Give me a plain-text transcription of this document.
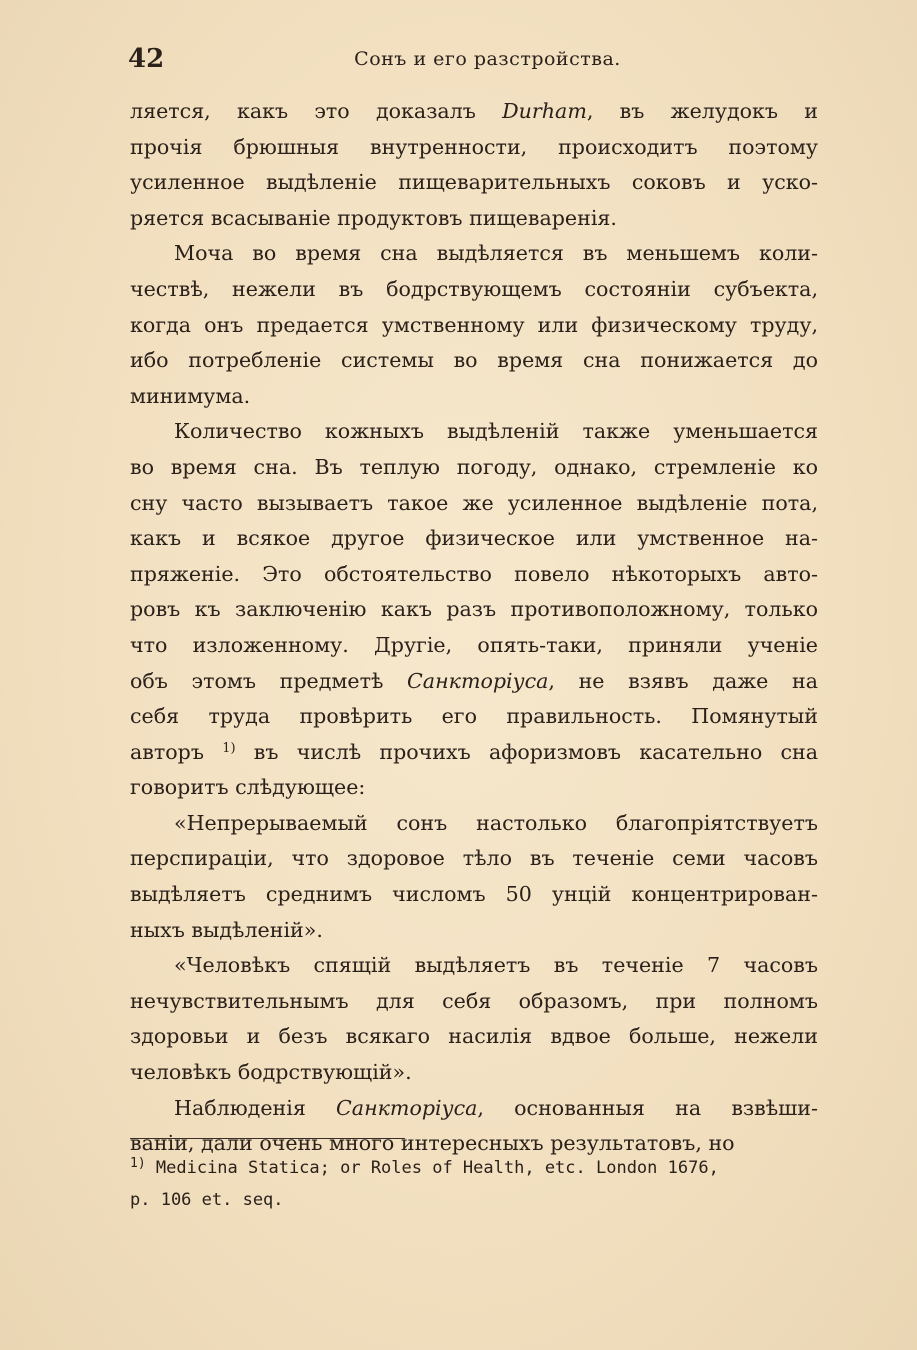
42	Сонъ и его разстройства.

ляется, какъ это доказалъ Durham, въ желудокъ и
прочія брюшныя внутренности, происходитъ поэтому
усиленное выдѣленіе пищеварительныхъ соковъ и уско-
ряется всасываніе продуктовъ пищеваренія.

Моча во время сна выдѣляется въ меньшемъ коли-
чествѣ, нежели въ бодрствующемъ состояніи субъекта,
когда онъ предается умственному или физическому труду,
ибо потребленіе системы во время сна понижается до
минимума.

Количество кожныхъ выдѣленій также уменьшается
во время сна. Въ теплую погоду, однако, стремленіе ко
сну часто вызываетъ такое же усиленное выдѣленіе пота,
какъ и всякое другое физическое или умственное на-
пряженіе. Это обстоятельство повело нѣкоторыхъ авто-
ровъ къ заключенію какъ разъ противоположному, только
что изложенному. Другіе, опять-таки, приняли ученіе
объ этомъ предметѣ Санкторіуса, не взявъ даже на
себя труда провѣрить его правильность. Помянутый
авторъ $^{1)}$ въ числѣ прочихъ афоризмовъ касательно сна
говоритъ слѣдующее:

«Непрерываемый сонъ настолько благопріятствуетъ
перспираціи, что здоровое тѣло въ теченіе семи часовъ
выдѣляетъ среднимъ числомъ 50 унцій концентрирован-
ныхъ выдѣленій».

«Человѣкъ спящій выдѣляетъ въ теченіе 7 часовъ
нечувствительнымъ для себя образомъ, при полномъ
здоровьи и безъ всякаго насилія вдвое больше, нежели
человѣкъ бодрствующій».

Наблюденія Санкторіуса, основанныя на взвѣши-
ваніи, дали очень много интересныхъ результатовъ, но

$^{1)}$ Medicina Statica; or Roles of Health, etc. London 1676,
p. 106 et. seq.
